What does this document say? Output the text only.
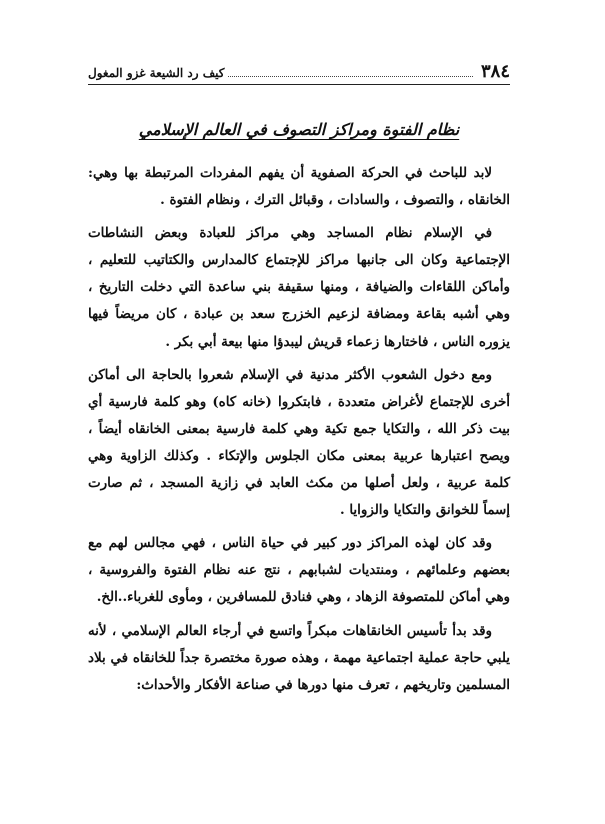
٣٨٤
كيف رد الشيعة غزو المغول
نظام الفتوة ومراكز التصوف في العالم الإسلامي

لابد للباحث في الحركة الصفوية أن يفهم المفردات المرتبطة بها وهي: الخانقاه ، والتصوف ، والسادات ، وقبائل الترك ، ونظام الفتوة .

في الإسلام نظام المساجد وهي مراكز للعبادة وبعض النشاطات الإجتماعية وكان الى جانبها مراكز للإجتماع كالمدارس والكتاتيب للتعليم ، وأماكن اللقاءات والضيافة ، ومنها سقيفة بني ساعدة التي دخلت التاريخ ، وهي أشبه بقاعة ومضافة لزعيم الخزرج سعد بن عبادة ، كان مريضاً فيها يزوره الناس ، فاختارها زعماء قريش ليبدؤا منها بيعة أبي بكر .

ومع دخول الشعوب الأكثر مدنية في الإسلام شعروا بالحاجة الى أماكن أخرى للإجتماع لأغراض متعددة ، فابتكروا (خانه كاه) وهو كلمة فارسية أي بيت ذكر الله ، والتكايا جمع تكية وهي كلمة فارسية بمعنى الخانقاه أيضاً ، ويصح اعتبارها عربية بمعنى مكان الجلوس والإتكاء . وكذلك الزاوية وهي كلمة عربية ، ولعل أصلها من مكث العابد في زازية المسجد ، ثم صارت إسماً للخوانق والتكايا والزوايا .

وقد كان لهذه المراكز دور كبير في حياة الناس ، فهي مجالس لهم مع بعضهم وعلمائهم ، ومنتديات لشبابهم ، نتج عنه نظام الفتوة والفروسية ، وهي أماكن للمتصوفة الزهاد ، وهي فنادق للمسافرين ، ومأوى للغرباء..الخ.

وقد بدأ تأسيس الخانقاهات مبكراً واتسع في أرجاء العالم الإسلامي ، لأنه يلبي حاجة عملية اجتماعية مهمة ، وهذه صورة مختصرة جداً للخانقاه في بلاد المسلمين وتاريخهم ، تعرف منها دورها في صناعة الأفكار والأحداث:
